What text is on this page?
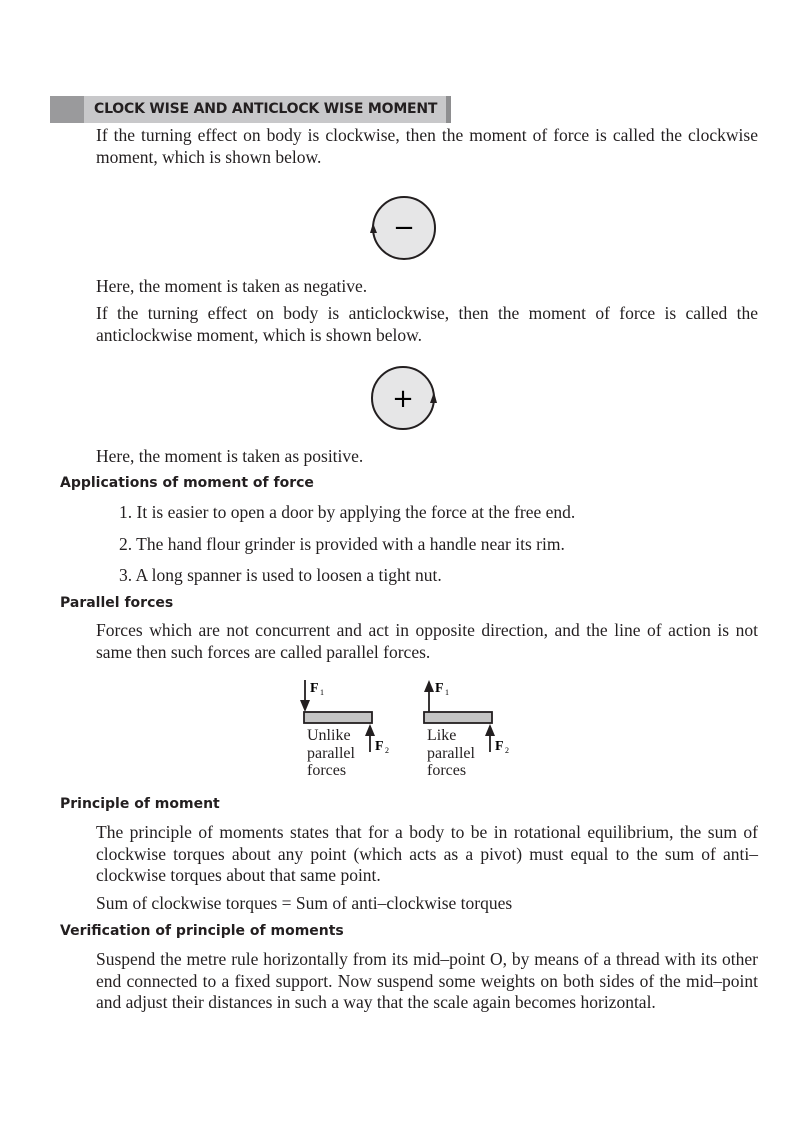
CLOCK WISE AND ANTICLOCK WISE MOMENT

If the turning effect on body is clockwise, then the moment of force is called the clockwise moment, which is shown below.

−

Here, the moment is taken as negative.

If the turning effect on body is anticlockwise, then the moment of force is called the anticlockwise moment, which is shown below.

+

Here, the moment is taken as positive.

Applications of moment of force

1. It is easier to open a door by applying the force at the free end.

2. The hand flour grinder is provided with a handle near its rim.

3. A long spanner is used to loosen a tight nut.

Parallel forces

Forces which are not concurrent and act in opposite direction, and the line of action is not same then such forces are called parallel forces.

F 1
F 2
F 1
F 2
Unlike
parallel
forces
Like
parallel
forces
Principle of moment

The principle of moments states that for a body to be in rotational equilibrium, the sum of clockwise torques about any point (which acts as a pivot) must equal to the sum of anti–clockwise torques about that same point.

Sum of clockwise torques = Sum of anti–clockwise torques

Verification of principle of moments

Suspend the metre rule horizontally from its mid–point O, by means of a thread with its other end connected to a fixed support. Now suspend some weights on both sides of the mid–point and adjust their distances in such a way that the scale again becomes horizontal.
